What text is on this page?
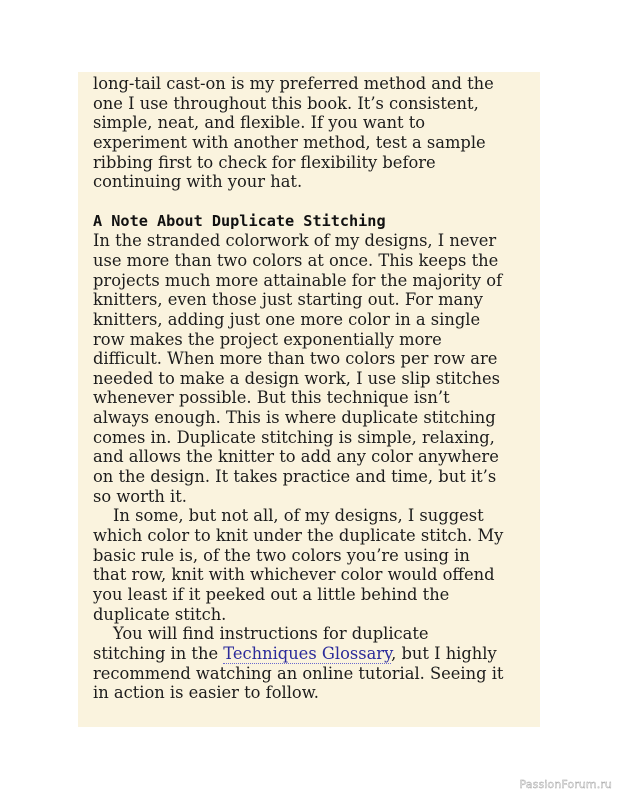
long-tail cast-on is my preferred method and the
one I use throughout this book. It’s consistent,
simple, neat, and flexible. If you want to
experiment with another method, test a sample
ribbing first to check for flexibility before
continuing with your hat.
A Note About Duplicate Stitching
In the stranded colorwork of my designs, I never
use more than two colors at once. This keeps the
projects much more attainable for the majority of
knitters, even those just starting out. For many
knitters, adding just one more color in a single
row makes the project exponentially more
difficult. When more than two colors per row are
needed to make a design work, I use slip stitches
whenever possible. But this technique isn’t
always enough. This is where duplicate stitching
comes in. Duplicate stitching is simple, relaxing,
and allows the knitter to add any color anywhere
on the design. It takes practice and time, but it’s
so worth it.
In some, but not all, of my designs, I suggest
which color to knit under the duplicate stitch. My
basic rule is, of the two colors you’re using in
that row, knit with whichever color would offend
you least if it peeked out a little behind the
duplicate stitch.
You will find instructions for duplicate
stitching in the Techniques Glossary, but I highly
recommend watching an online tutorial. Seeing it
in action is easier to follow.
PassionForum.ru
